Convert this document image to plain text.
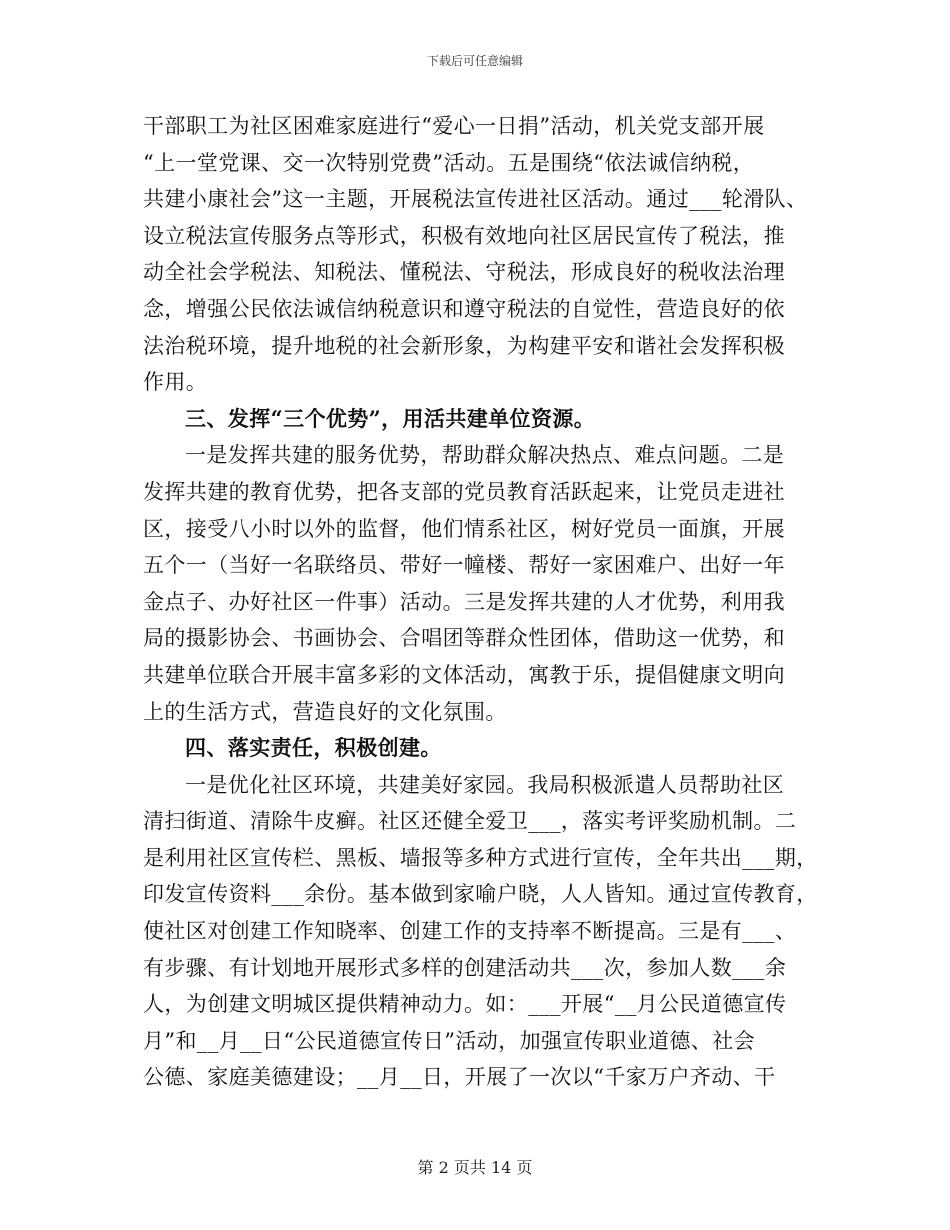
下载后可任意编辑
干部职工为社区困难家庭进行“爱心一日捐”活动，机关党支部开展
“上一堂党课、交一次特别党费”活动。五是围绕“依法诚信纳税，
共建小康社会”这一主题，开展税法宣传进社区活动。通过___轮滑队、
设立税法宣传服务点等形式，积极有效地向社区居民宣传了税法，推
动全社会学税法、知税法、懂税法、守税法，形成良好的税收法治理
念，增强公民依法诚信纳税意识和遵守税法的自觉性，营造良好的依
法治税环境，提升地税的社会新形象，为构建平安和谐社会发挥积极
作用。
三、发挥“三个优势”，用活共建单位资源。
一是发挥共建的服务优势，帮助群众解决热点、难点问题。二是
发挥共建的教育优势，把各支部的党员教育活跃起来，让党员走进社
区，接受八小时以外的监督，他们情系社区，树好党员一面旗，开展
五个一（当好一名联络员、带好一幢楼、帮好一家困难户、出好一年
金点子、办好社区一件事）活动。三是发挥共建的人才优势，利用我
局的摄影协会、书画协会、合唱团等群众性团体，借助这一优势，和
共建单位联合开展丰富多彩的文体活动，寓教于乐，提倡健康文明向
上的生活方式，营造良好的文化氛围。
四、落实责任，积极创建。
一是优化社区环境，共建美好家园。我局积极派遣人员帮助社区
清扫街道、清除牛皮癣。社区还健全爱卫___，落实考评奖励机制。二
是利用社区宣传栏、黑板、墙报等多种方式进行宣传，全年共出___期，
印发宣传资料___余份。基本做到家喻户晓，人人皆知。通过宣传教育，
使社区对创建工作知晓率、创建工作的支持率不断提高。三是有___、
有步骤、有计划地开展形式多样的创建活动共___次，参加人数___余
人，为创建文明城区提供精神动力。如：___开展“__月公民道德宣传
月”和__月__日“公民道德宣传日”活动，加强宣传职业道德、社会
公德、家庭美德建设；__月__日，开展了一次以“千家万户齐动、干
第 2 页共 14 页
